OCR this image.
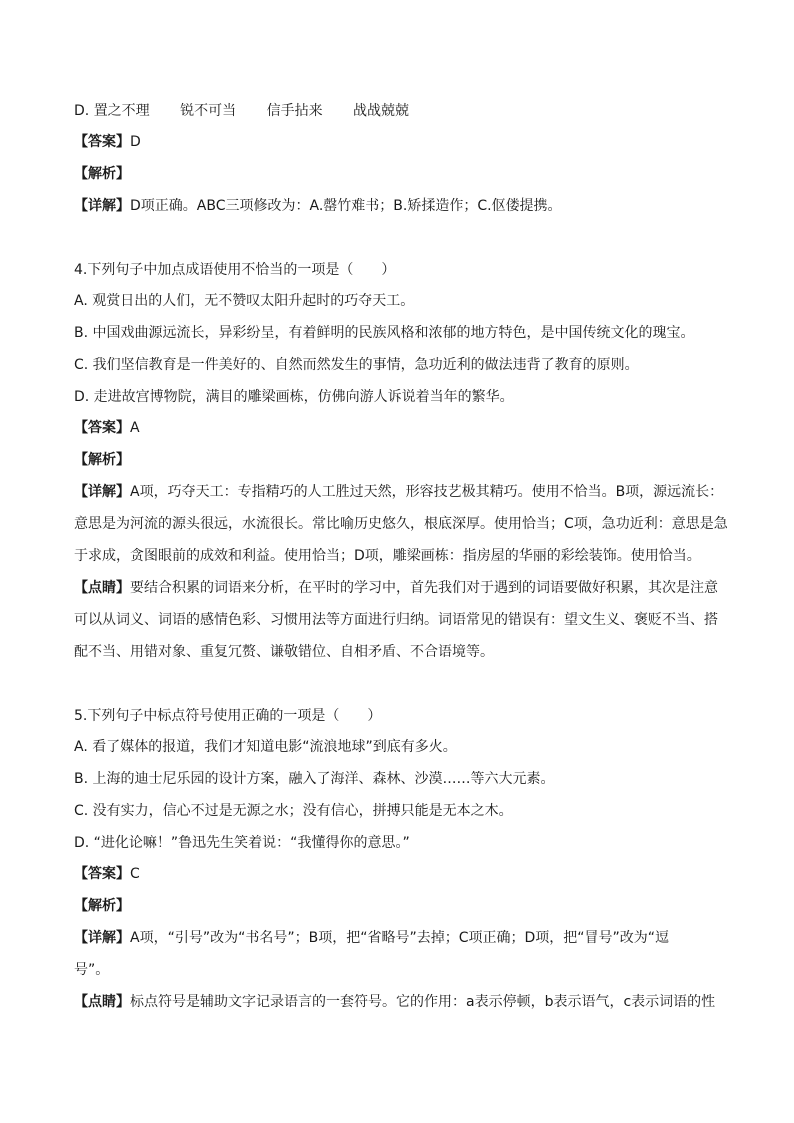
D. 置之不理 锐不可当 信手拈来 战战兢兢
【答案】D
【解析】
【详解】D项正确。ABC三项修改为：A.罄竹难书；B.矫揉造作；C.伛偻提携。
4.下列句子中加点成语使用不恰当的一项是（　　）
A. 观赏日出的人们，无不赞叹太阳升起时的巧夺天工。
B. 中国戏曲源远流长，异彩纷呈，有着鲜明的民族风格和浓郁的地方特色，是中国传统文化的瑰宝。
C. 我们坚信教育是一件美好的、自然而然发生的事情，急功近利的做法违背了教育的原则。
D. 走进故宫博物院，满目的雕梁画栋，仿佛向游人诉说着当年的繁华。
【答案】A
【解析】
【详解】A项，巧夺天工：专指精巧的人工胜过天然，形容技艺极其精巧。使用不恰当。B项，源远流长：
意思是为河流的源头很远，水流很长。常比喻历史悠久，根底深厚。使用恰当；C项，急功近利：意思是急
于求成，贪图眼前的成效和利益。使用恰当；D项，雕梁画栋：指房屋的华丽的彩绘装饰。使用恰当。
【点睛】要结合积累的词语来分析，在平时的学习中，首先我们对于遇到的词语要做好积累，其次是注意
可以从词义、词语的感情色彩、习惯用法等方面进行归纳。词语常见的错误有：望文生义、褒贬不当、搭
配不当、用错对象、重复冗赘、谦敬错位、自相矛盾、不合语境等。
5.下列句子中标点符号使用正确的一项是（　　）
A. 看了媒体的报道，我们才知道电影“流浪地球”到底有多火。
B. 上海的迪士尼乐园的设计方案，融入了海洋、森林、沙漠……等六大元素。
C. 没有实力，信心不过是无源之水；没有信心，拼搏只能是无本之木。
D. “进化论嘛！”鲁迅先生笑着说：“我懂得你的意思。”
【答案】C
【解析】
【详解】A项，“引号”改为“书名号”；B项，把“省略号”去掉；C项正确；D项，把“冒号”改为“逗
号”。
【点睛】标点符号是辅助文字记录语言的一套符号。它的作用：a表示停顿，b表示语气，c表示词语的性
